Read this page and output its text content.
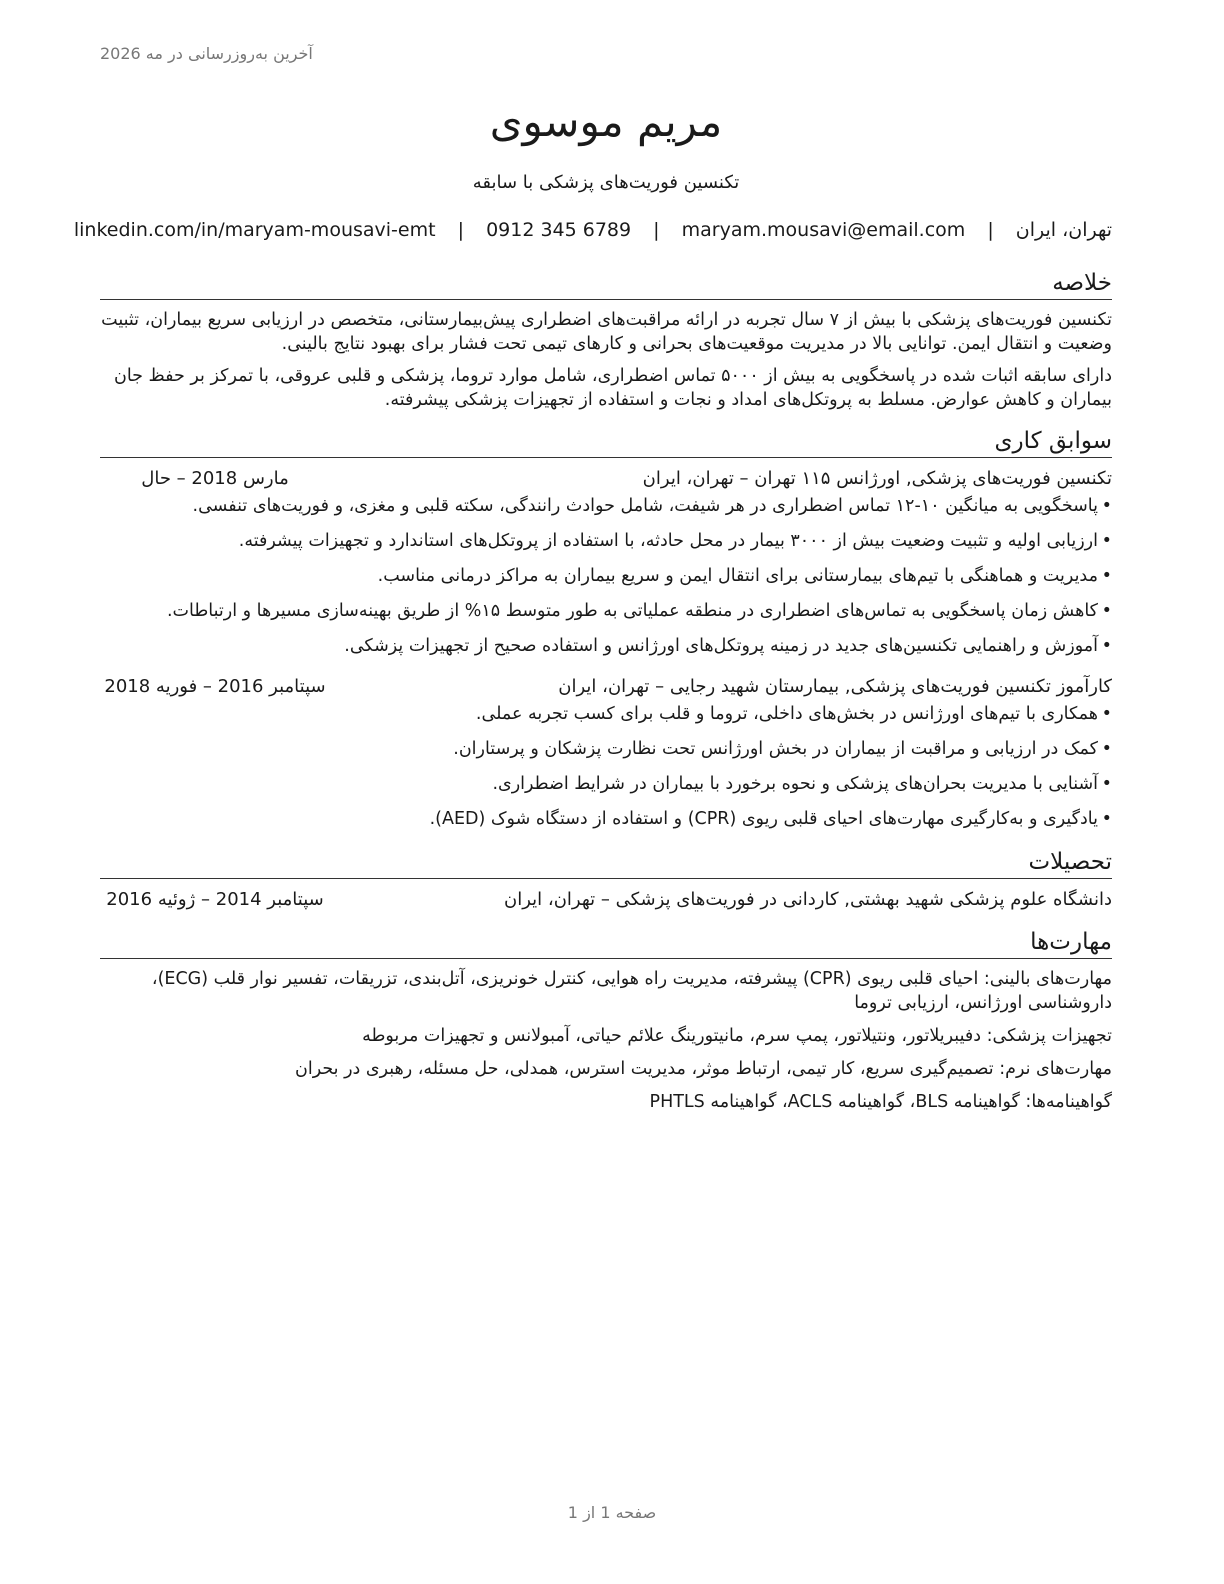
آخرین به‌روزرسانی در مه 2026
مریم موسوی
تکنسین فوریت‌های پزشکی با سابقه
تهران، ایران | maryam.mousavi@email.com | 0912 345 6789 | linkedin.com/in/maryam-mousavi-emt
خلاصه
تکنسین فوریت‌های پزشکی با بیش از ۷ سال تجربه در ارائه مراقبت‌های اضطراری پیش‌بیمارستانی، متخصص در ارزیابی سریع بیماران، تثبیت وضعیت و انتقال ایمن. توانایی بالا در مدیریت موقعیت‌های بحرانی و کارهای تیمی تحت فشار برای بهبود نتایج بالینی.
دارای سابقه اثبات شده در پاسخگویی به بیش از ۵۰۰۰ تماس اضطراری، شامل موارد تروما، پزشکی و قلبی عروقی، با تمرکز بر حفظ جان بیماران و کاهش عوارض. مسلط به پروتکل‌های امداد و نجات و استفاده از تجهیزات پزشکی پیشرفته.
سوابق کاری
تکنسین فوریت‌های پزشکی, اورژانس ۱۱۵ تهران – تهران، ایران
مارس 2018 – حال
• پاسخگویی به میانگین ۱۰-۱۲ تماس اضطراری در هر شیفت، شامل حوادث رانندگی، سکته قلبی و مغزی، و فوریت‌های تنفسی.
• ارزیابی اولیه و تثبیت وضعیت بیش از ۳۰۰۰ بیمار در محل حادثه، با استفاده از پروتکل‌های استاندارد و تجهیزات پیشرفته.
• مدیریت و هماهنگی با تیم‌های بیمارستانی برای انتقال ایمن و سریع بیماران به مراکز درمانی مناسب.
• کاهش زمان پاسخگویی به تماس‌های اضطراری در منطقه عملیاتی به طور متوسط ۱۵% از طریق بهینه‌سازی مسیرها و ارتباطات.
• آموزش و راهنمایی تکنسین‌های جدید در زمینه پروتکل‌های اورژانس و استفاده صحیح از تجهیزات پزشکی.
کارآموز تکنسین فوریت‌های پزشکی, بیمارستان شهید رجایی – تهران، ایران
سپتامبر 2016 – فوریه 2018
• همکاری با تیم‌های اورژانس در بخش‌های داخلی، تروما و قلب برای کسب تجربه عملی.
• کمک در ارزیابی و مراقبت از بیماران در بخش اورژانس تحت نظارت پزشکان و پرستاران.
• آشنایی با مدیریت بحران‌های پزشکی و نحوه برخورد با بیماران در شرایط اضطراری.
• یادگیری و به‌کارگیری مهارت‌های احیای قلبی ریوی (CPR) و استفاده از دستگاه شوک (AED).
تحصیلات
دانشگاه علوم پزشکی شهید بهشتی, کاردانی در فوریت‌های پزشکی – تهران، ایران
سپتامبر 2014 – ژوئیه 2016
مهارت‌ها
مهارت‌های بالینی: احیای قلبی ریوی (CPR) پیشرفته، مدیریت راه هوایی، کنترل خونریزی، آتل‌بندی، تزریقات، تفسیر نوار قلب (ECG)، داروشناسی اورژانس، ارزیابی تروما
تجهیزات پزشکی: دفیبریلاتور، ونتیلاتور، پمپ سرم، مانیتورینگ علائم حیاتی، آمبولانس و تجهیزات مربوطه
مهارت‌های نرم: تصمیم‌گیری سریع، کار تیمی، ارتباط موثر، مدیریت استرس، همدلی، حل مسئله، رهبری در بحران
گواهینامه‌ها: گواهینامه BLS، گواهینامه ACLS، گواهینامه PHTLS
صفحه 1 از 1
